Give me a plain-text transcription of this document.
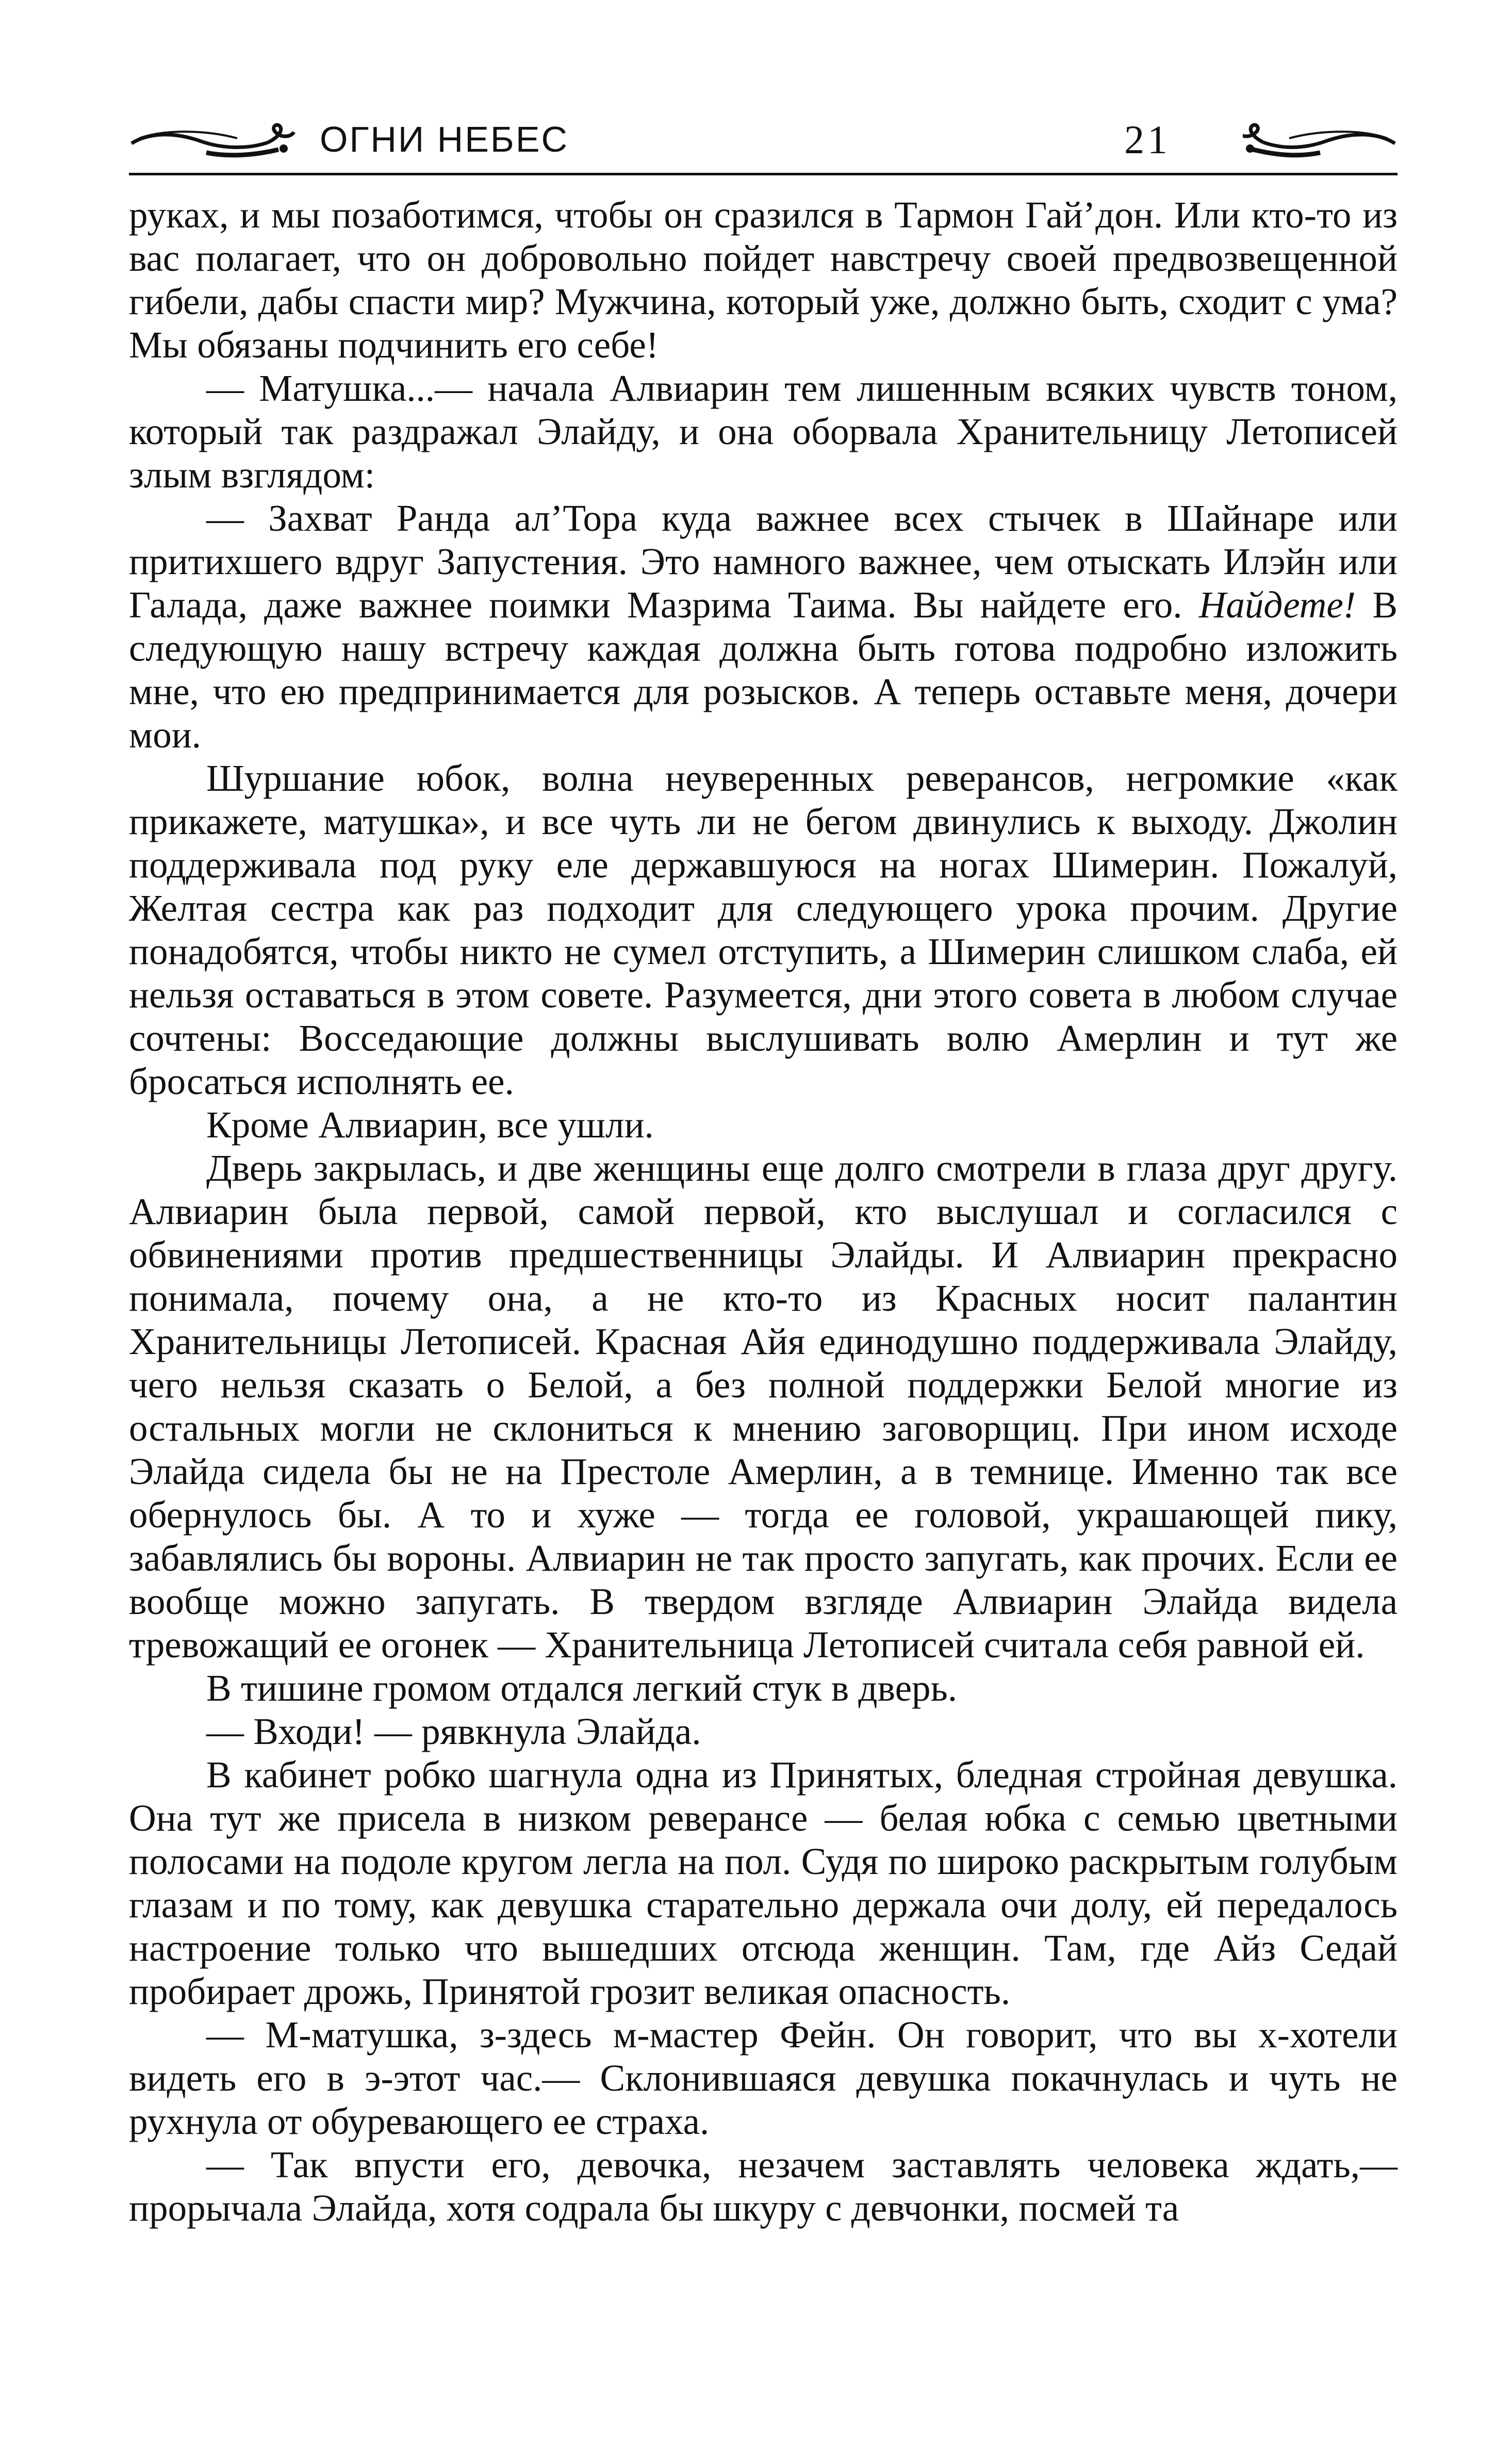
ОГНИ НЕБЕС	21

руках, и мы позаботимся, чтобы он сразился в Тармон Гай’дон. Или кто-то из вас полагает, что он добровольно пойдет навстречу своей предвозвещенной гибели, дабы спасти мир? Мужчина, который уже, должно быть, сходит с ума? Мы обязаны подчинить его себе!

— Матушка...— начала Алвиарин тем лишенным всяких чувств тоном, который так раздражал Элайду, и она оборвала Хранительницу Летописей злым взглядом:

— Захват Ранда ал’Тора куда важнее всех стычек в Шайнаре или притихшего вдруг Запустения. Это намного важнее, чем отыскать Илэйн или Галада, даже важнее поимки Мазрима Таима. Вы найдете его. Найдете! В следующую нашу встречу каждая должна быть готова подробно изложить мне, что ею предпринимается для розысков. А теперь оставьте меня, дочери мои.

Шуршание юбок, волна неуверенных реверансов, негромкие «как прикажете, матушка», и все чуть ли не бегом двинулись к выходу. Джолин поддерживала под руку еле державшуюся на ногах Шимерин. Пожалуй, Желтая сестра как раз подходит для следующего урока прочим. Другие понадобятся, чтобы никто не сумел отступить, а Шимерин слишком слаба, ей нельзя оставаться в этом совете. Разумеется, дни этого совета в любом случае сочтены: Восседающие должны выслушивать волю Амерлин и тут же бросаться исполнять ее.

Кроме Алвиарин, все ушли.

Дверь закрылась, и две женщины еще долго смотрели в глаза друг другу. Алвиарин была первой, самой первой, кто выслушал и согласился с обвинениями против предшественницы Элайды. И Алвиарин прекрасно понимала, почему она, а не кто-то из Красных носит палантин Хранительницы Летописей. Красная Айя единодушно поддерживала Элайду, чего нельзя сказать о Белой, а без полной поддержки Белой многие из остальных могли не склониться к мнению заговорщиц. При ином исходе Элайда сидела бы не на Престоле Амерлин, а в темнице. Именно так все обернулось бы. А то и хуже — тогда ее головой, украшающей пику, забавлялись бы вороны. Алвиарин не так просто запугать, как прочих. Если ее вообще можно запугать. В твердом взгляде Алвиарин Элайда видела тревожащий ее огонек — Хранительница Летописей считала себя равной ей.

В тишине громом отдался легкий стук в дверь.

— Входи! — рявкнула Элайда.

В кабинет робко шагнула одна из Принятых, бледная стройная девушка. Она тут же присела в низком реверансе — белая юбка с семью цветными полосами на подоле кругом легла на пол. Судя по широко раскрытым голубым глазам и по тому, как девушка старательно держала очи долу, ей передалось настроение только что вышедших отсюда женщин. Там, где Айз Седай пробирает дрожь, Принятой грозит великая опасность.

— М-матушка, з-здесь м-мастер Фейн. Он говорит, что вы х-хотели видеть его в э-этот час.— Склонившаяся девушка покачнулась и чуть не рухнула от обуревающего ее страха.

— Так впусти его, девочка, незачем заставлять человека ждать,— прорычала Элайда, хотя содрала бы шкуру с девчонки, посмей та
